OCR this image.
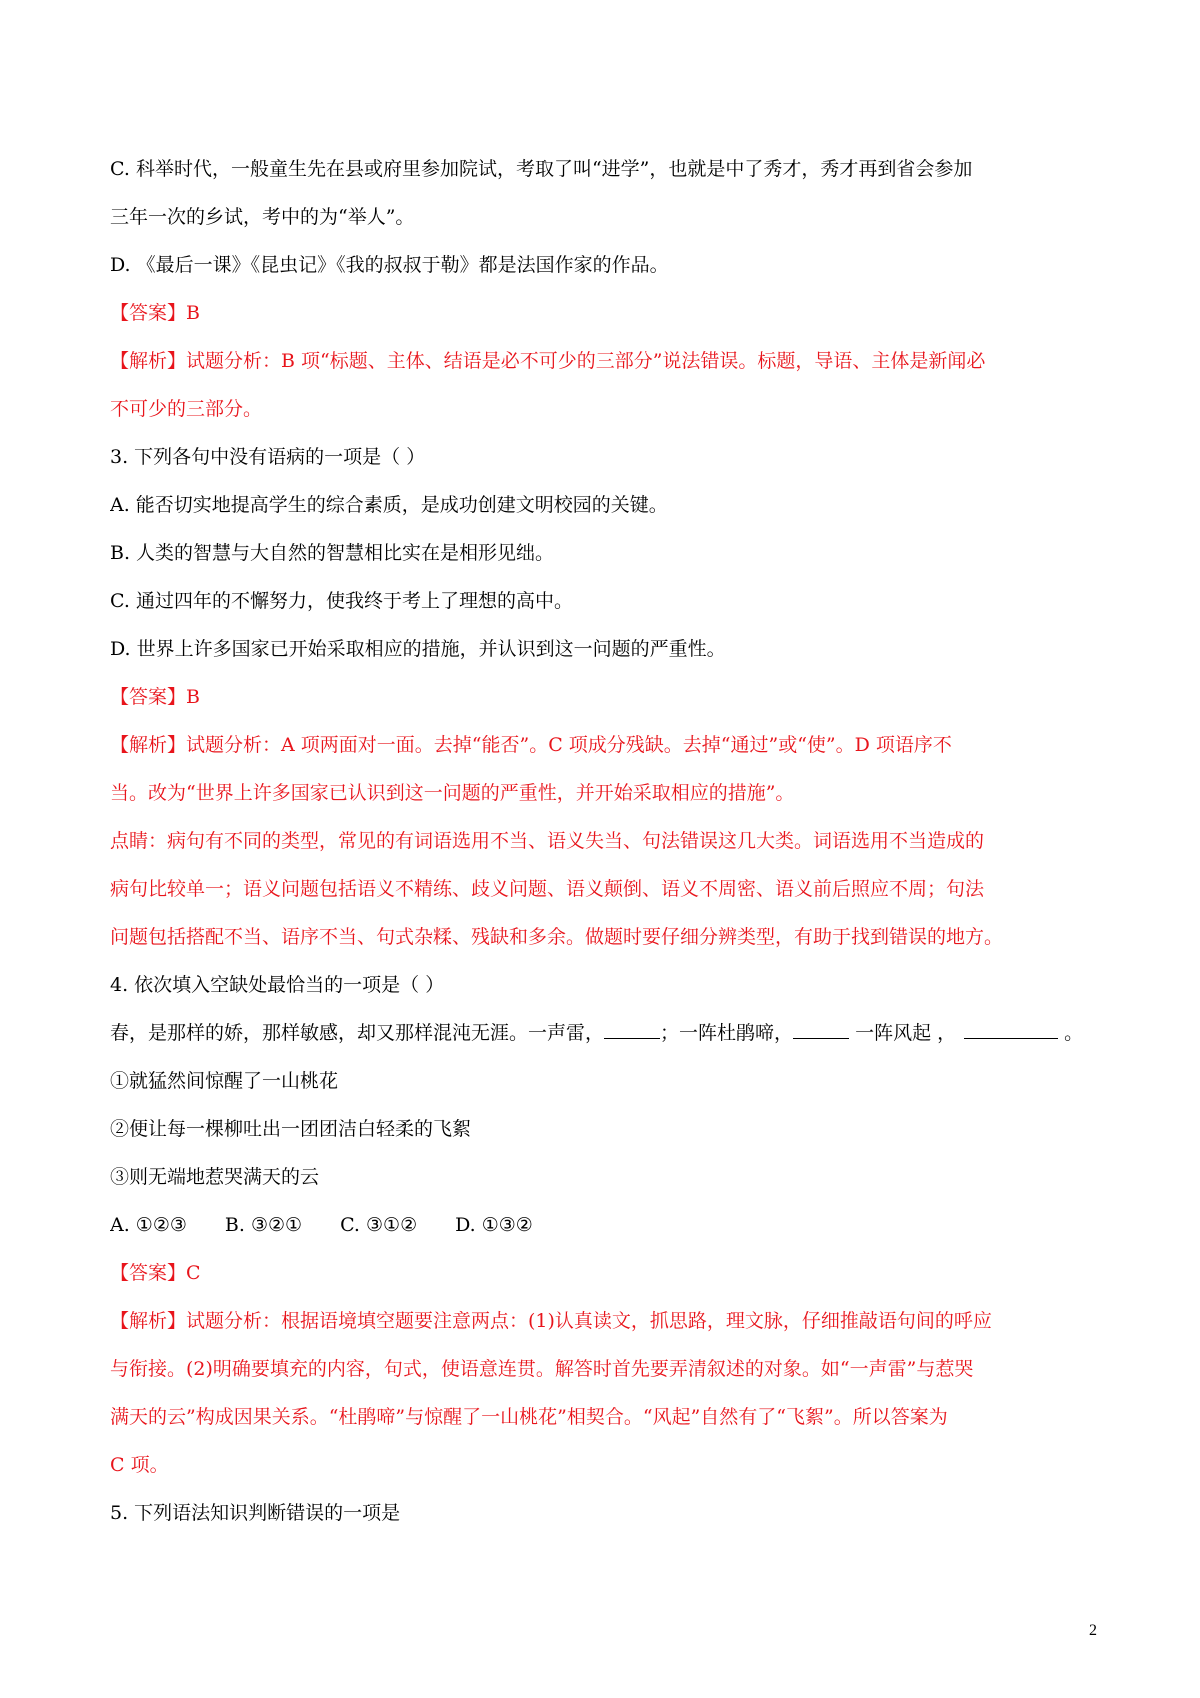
C. 科举时代，一般童生先在县或府里参加院试，考取了叫“进学”，也就是中了秀才，秀才再到省会参加
三年一次的乡试，考中的为“举人”。
D. 《最后一课》《昆虫记》《我的叔叔于勒》都是法国作家的作品。
【答案】B
【解析】试题分析：B 项“标题、主体、结语是必不可少的三部分”说法错误。标题，导语、主体是新闻必
不可少的三部分。
3. 下列各句中没有语病的一项是（ ）
A. 能否切实地提高学生的综合素质，是成功创建文明校园的关键。
B. 人类的智慧与大自然的智慧相比实在是相形见绌。
C. 通过四年的不懈努力，使我终于考上了理想的高中。
D. 世界上许多国家已开始采取相应的措施，并认识到这一问题的严重性。
【答案】B
【解析】试题分析：A 项两面对一面。去掉“能否”。C 项成分残缺。去掉“通过”或“使”。D 项语序不
当。改为“世界上许多国家已认识到这一问题的严重性，并开始采取相应的措施”。
点睛：病句有不同的类型，常见的有词语选用不当、语义失当、句法错误这几大类。词语选用不当造成的
病句比较单一；语义问题包括语义不精练、歧义问题、语义颠倒、语义不周密、语义前后照应不周；句法
问题包括搭配不当、语序不当、句式杂糅、残缺和多余。做题时要仔细分辨类型，有助于找到错误的地方。
4. 依次填入空缺处最恰当的一项是（ ）
春，是那样的娇，那样敏感，却又那样混沌无涯。一声雷，	；一阵杜鹃啼，	一阵风起 ，	。
①就猛然间惊醒了一山桃花
②便让每一棵柳吐出一团团洁白轻柔的飞絮
③则无端地惹哭满天的云
A. ①②③ B. ③②① C. ③①② D. ①③②
【答案】C
【解析】试题分析：根据语境填空题要注意两点：(1)认真读文，抓思路，理文脉，仔细推敲语句间的呼应
与衔接。(2)明确要填充的内容，句式，使语意连贯。解答时首先要弄清叙述的对象。如“一声雷”与惹哭
满天的云”构成因果关系。“杜鹃啼”与惊醒了一山桃花”相契合。“风起”自然有了“飞絮”。所以答案为
C 项。
5. 下列语法知识判断错误的一项是
2
